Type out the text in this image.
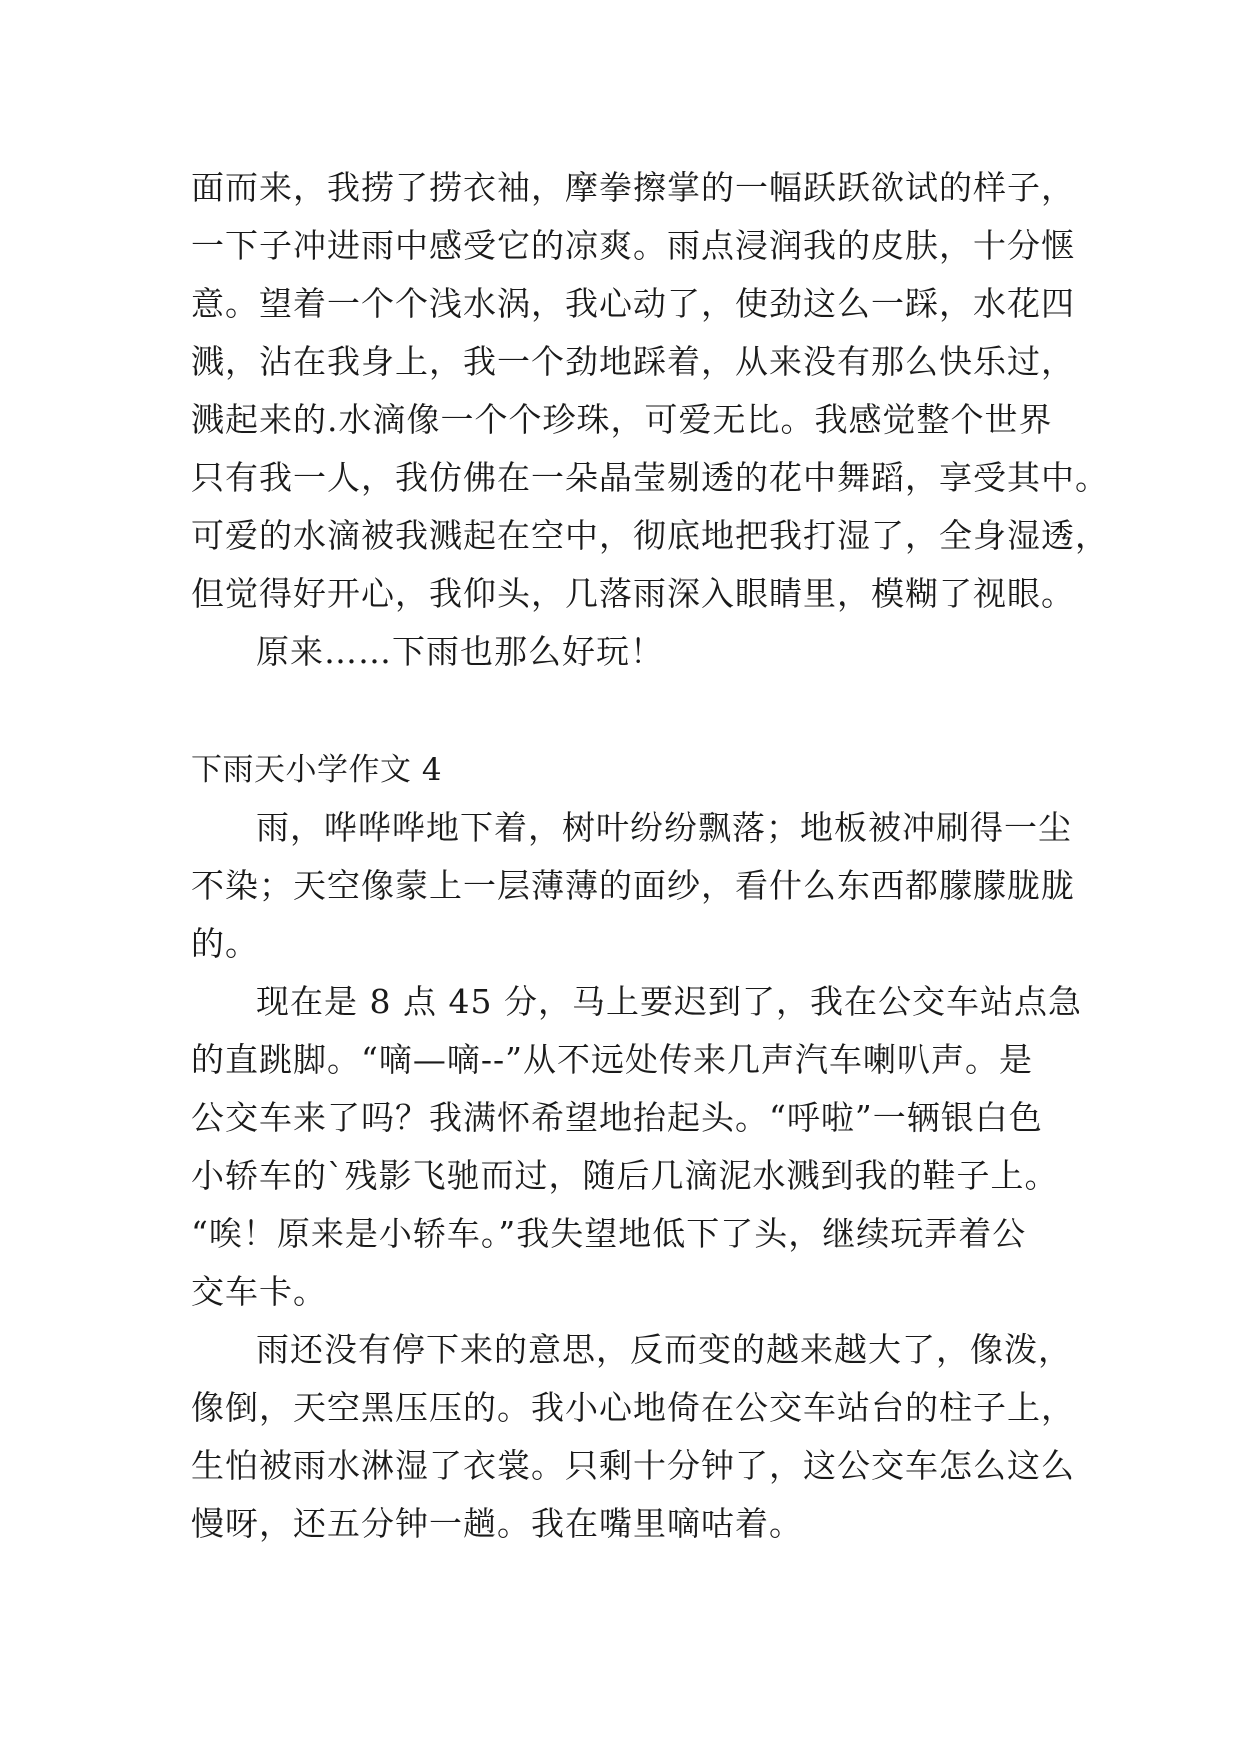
面而来，我捞了捞衣袖，摩拳擦掌的一幅跃跃欲试的样子，
一下子冲进雨中感受它的凉爽。雨点浸润我的皮肤，十分惬
意。望着一个个浅水涡，我心动了，使劲这么一踩，水花四
溅，沾在我身上，我一个劲地踩着，从来没有那么快乐过，
溅起来的.水滴像一个个珍珠，可爱无比。我感觉整个世界
只有我一人，我仿佛在一朵晶莹剔透的花中舞蹈，享受其中。
可爱的水滴被我溅起在空中，彻底地把我打湿了，全身湿透，
但觉得好开心，我仰头，几落雨深入眼睛里，模糊了视眼。
原来……下雨也那么好玩！
下雨天小学作文 4
雨，哗哗哗地下着，树叶纷纷飘落；地板被冲刷得一尘
不染；天空像蒙上一层薄薄的面纱，看什么东西都朦朦胧胧
的。
现在是 8 点 45 分，马上要迟到了，我在公交车站点急
的直跳脚。“嘀—嘀--”从不远处传来几声汽车喇叭声。是
公交车来了吗？我满怀希望地抬起头。“呼啦”一辆银白色
小轿车的`残影飞驰而过，随后几滴泥水溅到我的鞋子上。
“唉！原来是小轿车。”我失望地低下了头，继续玩弄着公
交车卡。
雨还没有停下来的意思，反而变的越来越大了，像泼，
像倒，天空黑压压的。我小心地倚在公交车站台的柱子上，
生怕被雨水淋湿了衣裳。只剩十分钟了，这公交车怎么这么
慢呀，还五分钟一趟。我在嘴里嘀咕着。
